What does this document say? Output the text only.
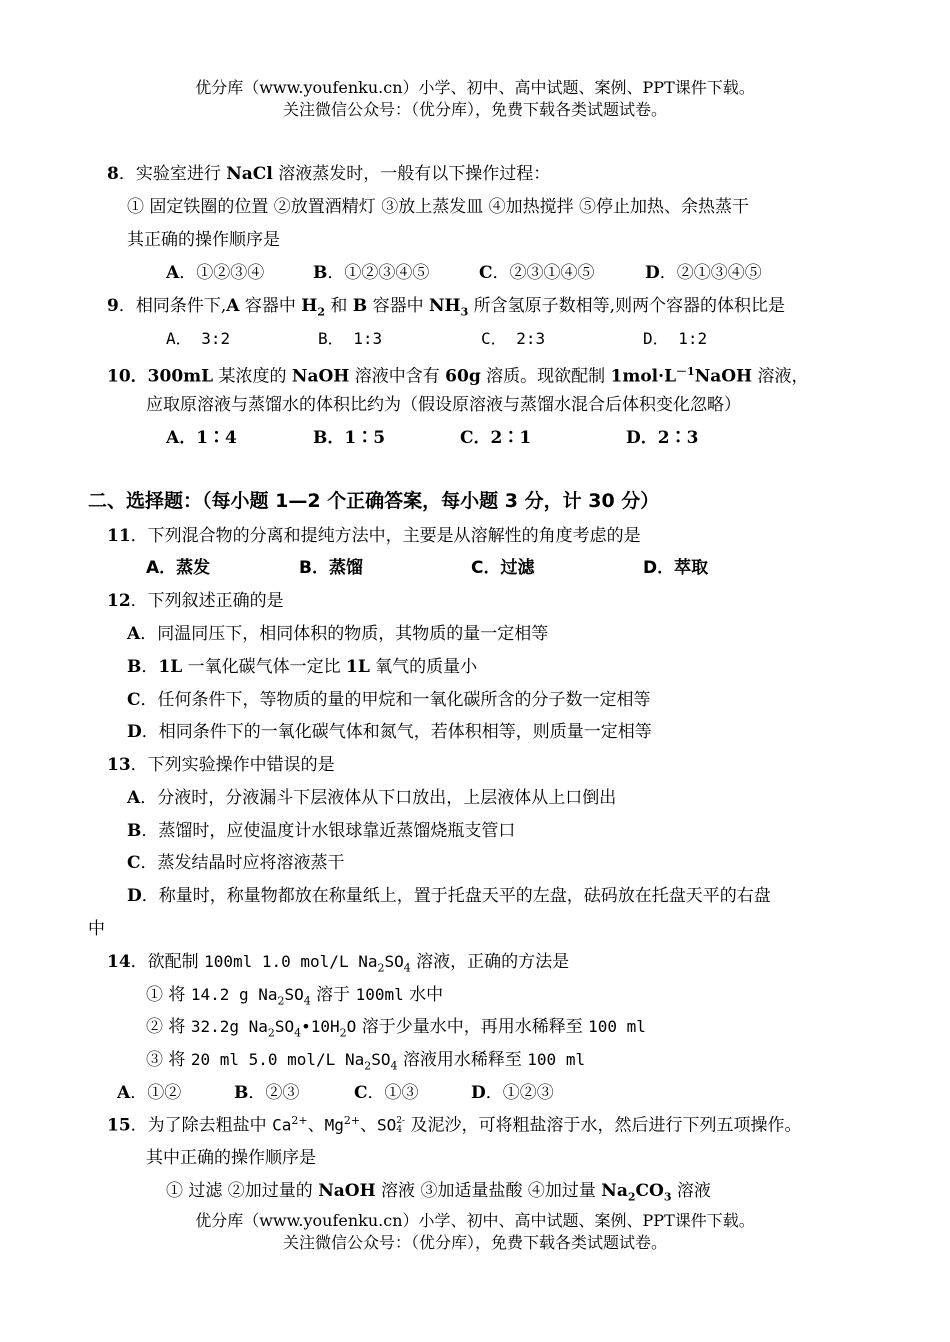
优分库（www.youfenku.cn）小学、初中、高中试题、案例、PPT课件下载。
关注微信公众号：（优分库），免费下载各类试题试卷。
8．实验室进行 NaCl 溶液蒸发时，一般有以下操作过程：
① 固定铁圈的位置 ②放置酒精灯 ③放上蒸发皿 ④加热搅拌 ⑤停止加热、余热蒸干
其正确的操作顺序是
A．①②③④	B．①②③④⑤	C．②③①④⑤	D．②①③④⑤
9．相同条件下,A 容器中 $H_2$ 和 B 容器中 $NH_3$ 所含氢原子数相等,则两个容器的体积比是
A． 3:2	B． 1:3	C． 2:3	D． 1:2
10．300mL 某浓度的 NaOH 溶液中含有 60g 溶质。现欲配制 $1mol\cdot L^{-1}NaOH$ 溶液，
应取原溶液与蒸馏水的体积比约为（假设原溶液与蒸馏水混合后体积变化忽略）
A．1∶4	B．1∶5	C．2∶1	D．2∶3
二、选择题：（每小题 1—2 个正确答案，每小题 3 分，计 30 分）
11．下列混合物的分离和提纯方法中，主要是从溶解性的角度考虑的是
A．蒸发	B．蒸馏	C．过滤	D．萃取
12．下列叙述正确的是
A．同温同压下，相同体积的物质，其物质的量一定相等
B．1L 一氧化碳气体一定比 1L 氧气的质量小
C．任何条件下，等物质的量的甲烷和一氧化碳所含的分子数一定相等
D．相同条件下的一氧化碳气体和氮气，若体积相等，则质量一定相等
13．下列实验操作中错误的是
A．分液时，分液漏斗下层液体从下口放出，上层液体从上口倒出
B．蒸馏时，应使温度计水银球靠近蒸馏烧瓶支管口
C．蒸发结晶时应将溶液蒸干
D．称量时，称量物都放在称量纸上，置于托盘天平的左盘，砝码放在托盘天平的右盘
中
14．欲配制 100ml 1.0 mol/L $Na_2SO_4$ 溶液，正确的方法是
① 将 14.2 g $Na_2SO_4$ 溶于 100ml 水中
② 将 32.2g $Na_2SO_4•10H_2O$ 溶于少量水中，再用水稀释至 100 ml
③ 将 20 ml 5.0 mol/L $Na_2SO_4$ 溶液用水稀释至 100 ml
A．①②	B．②③	C．①③	D．①②③
15．为了除去粗盐中 $Ca^{2+}$、$Mg^{2+}$、SO 2-
4 及泥沙，可将粗盐溶于水，然后进行下列五项操作。
其中正确的操作顺序是
① 过滤 ②加过量的 NaOH 溶液 ③加适量盐酸 ④加过量 $Na_2CO_3$ 溶液
优分库（www.youfenku.cn）小学、初中、高中试题、案例、PPT课件下载。
关注微信公众号：（优分库），免费下载各类试题试卷。
